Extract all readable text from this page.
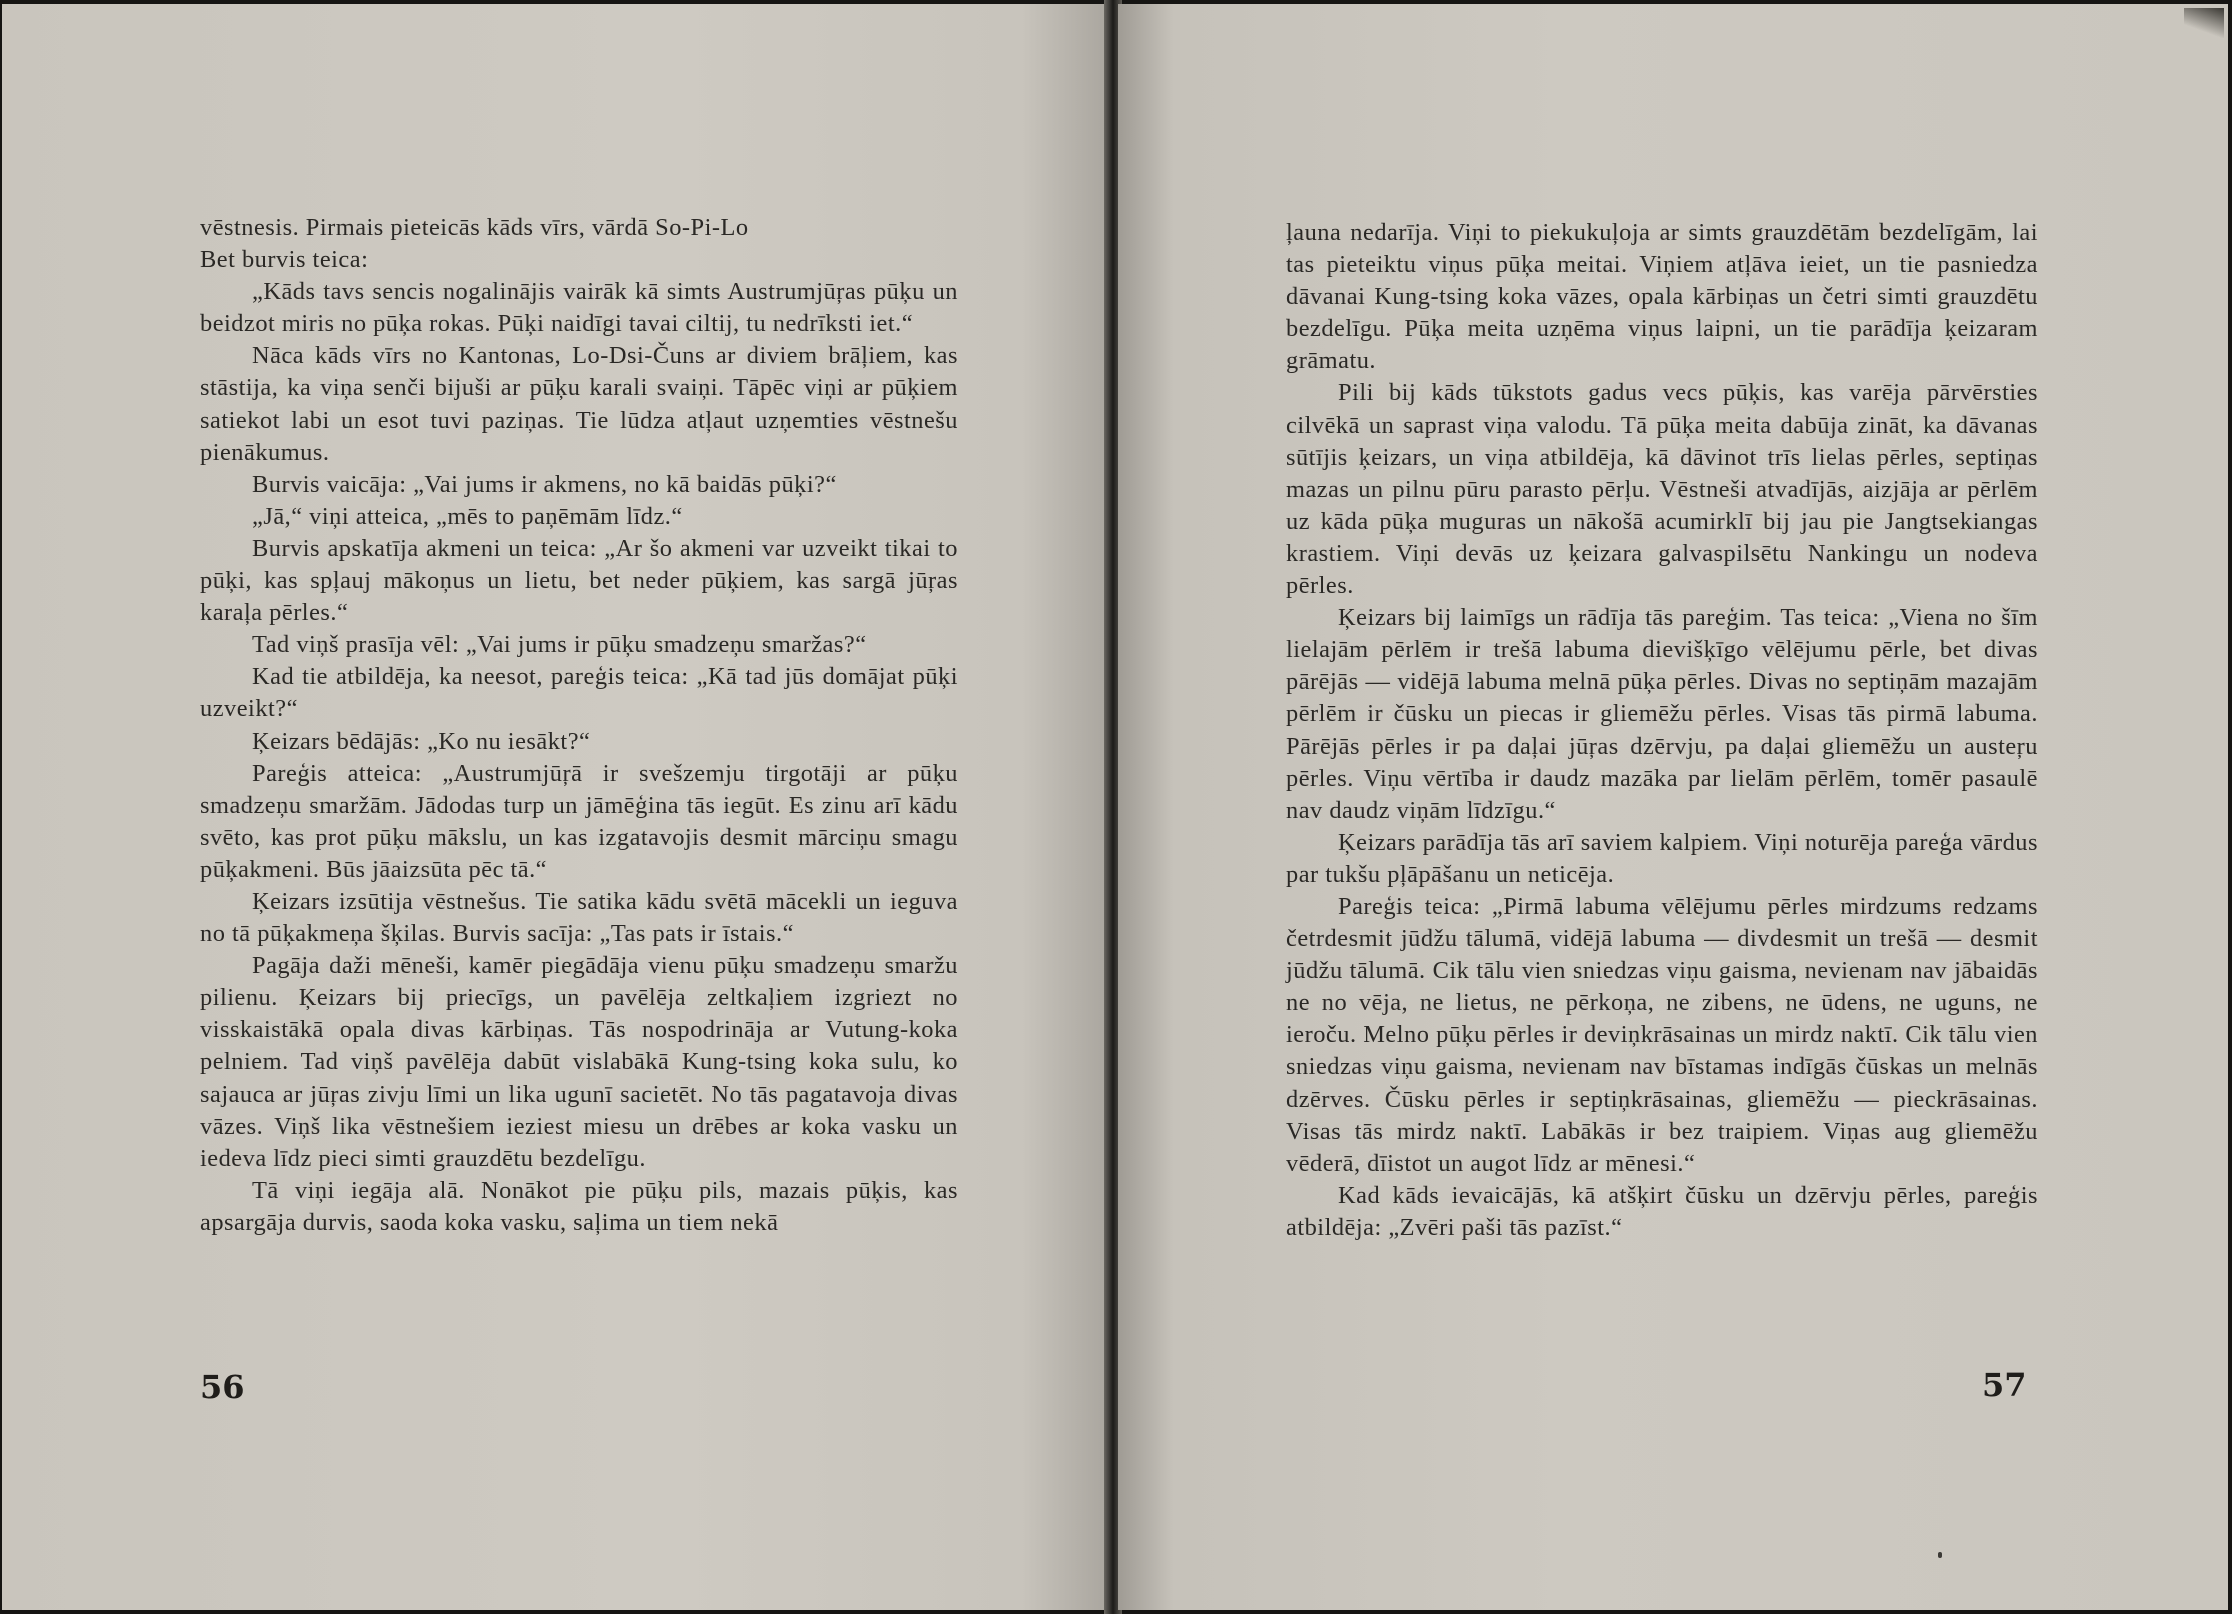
vēstnesis. Pirmais pieteicās kāds vīrs, vārdā So-Pi-Lo

Bet burvis teica:

„Kāds tavs sencis nogalinājis vairāk kā simts Austrumjūŗas pūķu un beidzot miris no pūķa rokas. Pūķi naidīgi tavai ciltij, tu nedrīksti iet.“

Nāca kāds vīrs no Kantonas, Lo-Dsi-Čuns ar diviem brāļiem, kas stāstija, ka viņa senči bijuši ar pūķu karali svaiņi. Tāpēc viņi ar pūķiem satiekot labi un esot tuvi paziņas. Tie lūdza atļaut uzņemties vēstnešu pienākumus.

Burvis vaicāja: „Vai jums ir akmens, no kā baidās pūķi?“

„Jā,“ viņi atteica, „mēs to paņēmām līdz.“

Burvis apskatīja akmeni un teica: „Ar šo akmeni var uzveikt tikai to pūķi, kas spļauj mākoņus un lietu, bet neder pūķiem, kas sargā jūŗas karaļa pērles.“

Tad viņš prasīja vēl: „Vai jums ir pūķu smadzeņu smaržas?“

Kad tie atbildēja, ka neesot, pareģis teica: „Kā tad jūs domājat pūķi uzveikt?“

Ķeizars bēdājās: „Ko nu iesākt?“

Pareģis atteica: „Austrumjūŗā ir svešzemju tirgotāji ar pūķu smadzeņu smaržām. Jādodas turp un jāmēģina tās iegūt. Es zinu arī kādu svēto, kas prot pūķu mākslu, un kas izgatavojis desmit mārciņu smagu pūķakmeni. Būs jāaizsūta pēc tā.“

Ķeizars izsūtija vēstnešus. Tie satika kādu svētā mācekli un ieguva no tā pūķakmeņa šķilas. Burvis sacīja: „Tas pats ir īstais.“

Pagāja daži mēneši, kamēr piegādāja vienu pūķu smadzeņu smaržu pilienu. Ķeizars bij priecīgs, un pavēlēja zeltkaļiem izgriezt no visskaistākā opala divas kārbiņas. Tās nospodrināja ar Vutung-koka pelniem. Tad viņš pavēlēja dabūt vislabākā Kung-tsing koka sulu, ko sajauca ar jūŗas zivju līmi un lika ugunī sacietēt. No tās pagatavoja divas vāzes. Viņš lika vēstnešiem ieziest miesu un drēbes ar koka vasku un iedeva līdz pieci simti grauzdētu bezdelīgu.

Tā viņi iegāja alā. Nonākot pie pūķu pils, mazais pūķis, kas apsargāja durvis, saoda koka vasku, saļima un tiem nekā

56

ļauna nedarīja. Viņi to piekukuļoja ar simts grauzdētām bezdelīgām, lai tas pieteiktu viņus pūķa meitai. Viņiem atļāva ieiet, un tie pasniedza dāvanai Kung-tsing koka vāzes, opala kārbiņas un četri simti grauzdētu bezdelīgu. Pūķa meita uzņēma viņus laipni, un tie parādīja ķeizaram grāmatu.

Pili bij kāds tūkstots gadus vecs pūķis, kas varēja pārvērsties cilvēkā un saprast viņa valodu. Tā pūķa meita dabūja zināt, ka dāvanas sūtījis ķeizars, un viņa atbildēja, kā dāvinot trīs lielas pērles, septiņas mazas un pilnu pūru parasto pērļu. Vēstneši atvadījās, aizjāja ar pērlēm uz kāda pūķa muguras un nākošā acumirklī bij jau pie Jangtsekiangas krastiem. Viņi devās uz ķeizara galvaspilsētu Nankingu un nodeva pērles.

Ķeizars bij laimīgs un rādīja tās pareģim. Tas teica: „Viena no šīm lielajām pērlēm ir trešā labuma dievišķīgo vēlējumu pērle, bet divas pārējās — vidējā labuma melnā pūķa pērles. Divas no septiņām mazajām pērlēm ir čūsku un piecas ir gliemēžu pērles. Visas tās pirmā labuma. Pārējās pērles ir pa daļai jūŗas dzērvju, pa daļai gliemēžu un austeŗu pērles. Viņu vērtība ir daudz mazāka par lielām pērlēm, tomēr pasaulē nav daudz viņām līdzīgu.“

Ķeizars parādīja tās arī saviem kalpiem. Viņi noturēja pareģa vārdus par tukšu pļāpāšanu un neticēja.

Pareģis teica: „Pirmā labuma vēlējumu pērles mirdzums redzams četrdesmit jūdžu tālumā, vidējā labuma — divdesmit un trešā — desmit jūdžu tālumā. Cik tālu vien sniedzas viņu gaisma, nevienam nav jābaidās ne no vēja, ne lietus, ne pērkoņa, ne zibens, ne ūdens, ne uguns, ne ieroču. Melno pūķu pērles ir deviņkrāsainas un mirdz naktī. Cik tālu vien sniedzas viņu gaisma, nevienam nav bīstamas indīgās čūskas un melnās dzērves. Čūsku pērles ir septiņkrāsainas, gliemēžu — pieckrāsainas. Visas tās mirdz naktī. Labākās ir bez traipiem. Viņas aug gliemēžu vēderā, dīistot un augot līdz ar mēnesi.“

Kad kāds ievaicājās, kā atšķirt čūsku un dzērvju pērles, pareģis atbildēja: „Zvēri paši tās pazīst.“

57
